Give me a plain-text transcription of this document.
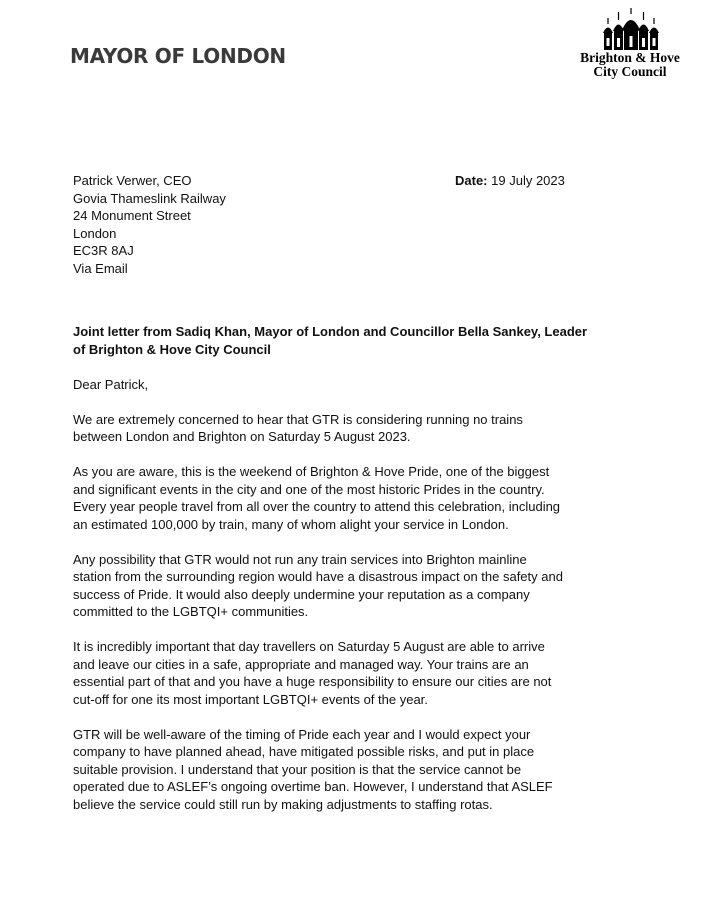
MAYOR OF LONDON	Brighton & Hove
City Council
Patrick Verwer, CEO
Govia Thameslink Railway
24 Monument Street
London
EC3R 8AJ
Via Email
Date: 19 July 2023

Joint letter from Sadiq Khan, Mayor of London and Councillor Bella Sankey, Leader
of Brighton & Hove City Council

Dear Patrick,

We are extremely concerned to hear that GTR is considering running no trains
between London and Brighton on Saturday 5 August 2023.

As you are aware, this is the weekend of Brighton & Hove Pride, one of the biggest
and significant events in the city and one of the most historic Prides in the country.
Every year people travel from all over the country to attend this celebration, including
an estimated 100,000 by train, many of whom alight your service in London.

Any possibility that GTR would not run any train services into Brighton mainline
station from the surrounding region would have a disastrous impact on the safety and
success of Pride. It would also deeply undermine your reputation as a company
committed to the LGBTQI+ communities.

It is incredibly important that day travellers on Saturday 5 August are able to arrive
and leave our cities in a safe, appropriate and managed way. Your trains are an
essential part of that and you have a huge responsibility to ensure our cities are not
cut-off for one its most important LGBTQI+ events of the year.

GTR will be well-aware of the timing of Pride each year and I would expect your
company to have planned ahead, have mitigated possible risks, and put in place
suitable provision. I understand that your position is that the service cannot be
operated due to ASLEF’s ongoing overtime ban. However, I understand that ASLEF
believe the service could still run by making adjustments to staffing rotas.
